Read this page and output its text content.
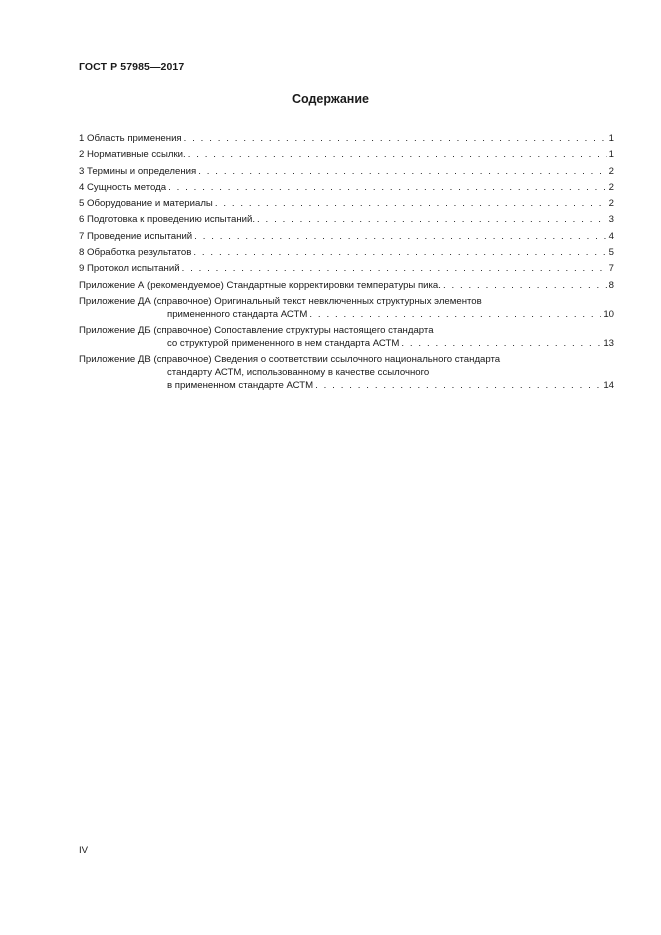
ГОСТ Р 57985—2017
Содержание
1 Область применения . . .	1
2 Нормативные ссылки. . . .	1
3 Термины и определения . . .	2
4 Сущность метода . . .	2
5 Оборудование и материалы . . .	2
6 Подготовка к проведению испытаний. . . .	3
7 Проведение испытаний . . .	4
8 Обработка результатов . . .	5
9 Протокол испытаний . . .	7
Приложение А (рекомендуемое) Стандартные корректировки температуры пика. . . .	8
Приложение ДА (справочное) Оригинальный текст невключенных структурных элементов
примененного стандарта АСТМ . . .	10
Приложение ДБ (справочное) Сопоставление структуры настоящего стандарта
со структурой примененного в нем стандарта АСТМ . . .	13
Приложение ДВ (справочное) Сведения о соответствии ссылочного национального стандарта
стандарту АСТМ, использованному в качестве ссылочного
в примененном стандарте АСТМ . . .	14
IV
